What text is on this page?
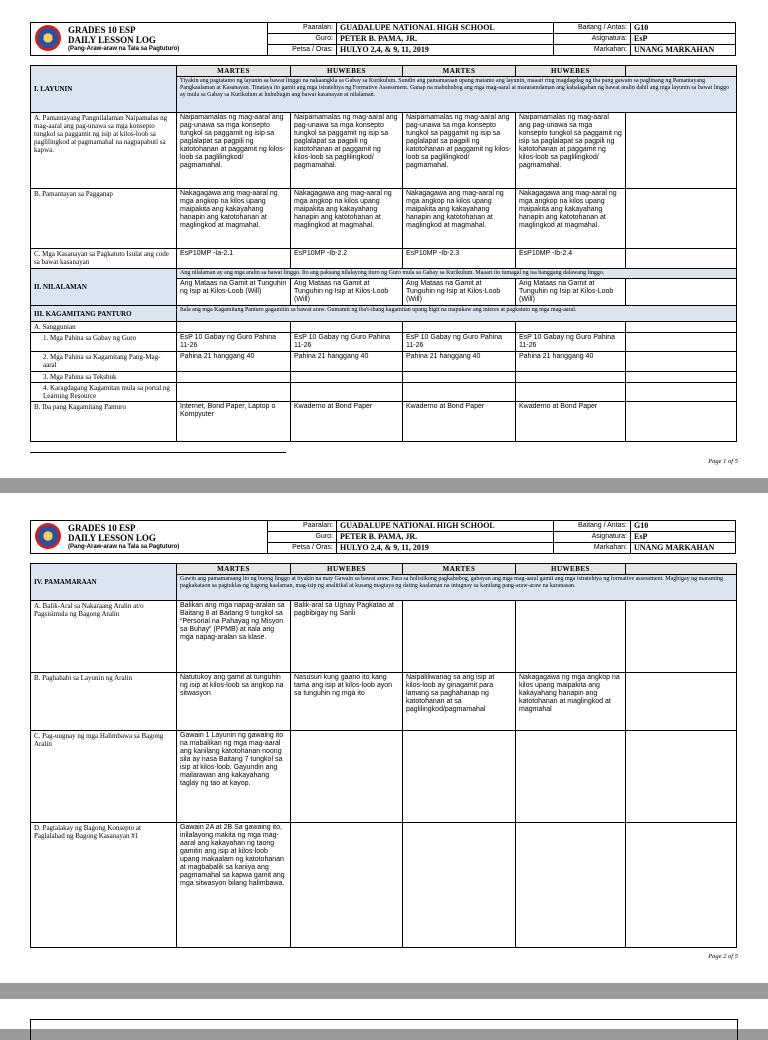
GRADES 10 ESP
DAILY LESSON LOG
(Pang-Araw-araw na Tala sa Pagtuturo)	Paaralan:	GUADALUPE NATIONAL HIGH SCHOOL	Baitang / Antas:	G10
	Guro:	PETER B. PAMA, JR.	Asignatura:	EsP
	Petsa / Oras:	HULYO 2,4, & 9, 11, 2019	Markahan:	UNANG MARKAHAN
I. LAYUNIN	MARTES	HUWEBES	MARTES	HUWEBES	
	Tiyakin ang pagtatamo ng layunin sa bawat linggo na nakaangkla sa Gabay sa Kurikulum. Sundin ang pamamaraan upang matamo ang layunin, maaari ring magdagdag ng iba pang gawain sa paglinang ng Pamantayang Pangkaalaman at Kasanayan. Tinataya ito gamit ang mga istratehiya ng Formative Assessment. Ganap na mahuhubog ang mga mag-aaral at mararamdaman ang kahalagahan ng bawat aralin dahil ang mga layunin sa bawat linggo ay mula sa Gabay sa Kurikulum at huhubugin ang bawat kasanayan at nilalaman.				
A. Pamantayang Pangnilalaman Naipamalas ng mag-aaral ang pag-unawa sa mga konsepto tungkol sa paggamit ng isip at kilos-loob sa paglilingkod at pagmamahal na nagpapabuti sa kapwa.	Naipamamalas ng mag-aaral ang pag-unawa sa mga konsepto tungkol sa paggamit ng isip sa paglalapat sa pagpili ng katotohanan at paggamit ng kilos-loob sa paglilingkod/ pagmamahal.	Naipamamalas ng mag-aaral ang pag-unawa sa mga konsepto tungkol sa paggamit ng isip sa paglalapat sa pagpili ng katotohanan at paggamit ng kilos-loob sa paglilingkod/ pagmamahal.	Naipamamalas ng mag-aaral ang pag-unawa sa mga konsepto tungkol sa paggamit ng isip sa paglalapat sa pagpili ng katotohanan at paggamit ng kilos-loob sa paglilingkod/ pagmamahal.	Naipamamalas ng mag-aaral ang pag-unawa sa mga konsepto tungkol sa paggamit ng isip sa paglalapat sa pagpili ng katotohanan at paggamit ng kilos-loob sa paglilingkod/ pagmamahal.	
B. Pamantayan sa Pagganap	Nakagagawa ang mag-aaral ng mga angkop na kilos upang maipakita ang kakayahang hanapin ang katotohanan at maglingkod at magmahal.	Nakagagawa ang mag-aaral ng mga angkop na kilos upang maipakita ang kakayahang hanapin ang katotohanan at maglingkod at magmahal.	Nakagagawa ang mag-aaral ng mga angkop na kilos upang maipakita ang kakayahang hanapin ang katotohanan at maglingkod at magmahal.	Nakagagawa ang mag-aaral ng mga angkop na kilos upang maipakita ang kakayahang hanapin ang katotohanan at maglingkod at magmahal.	
C. Mga Kasanayan sa Pagkatuto Isulat ang code sa bawat kasanayan	EsP10MP -Ia-2.1	EsP10MP -Ib-2.2	EsP10MP -Ib-2.3	EsP10MP -Ib-2.4	
II. NILALAMAN	Ang nilalaman ay ang mga aralin sa bawat linggo. Ito ang paksang nilalayong ituro ng Guro mula sa Gabay sa Kurikulum. Maaari ito tumagal ng isa hanggang dalawang linggo.				
	Ang Mataas na Gamit at Tunguhin ng Isip at Kilos-Loob (Will)	Ang Mataas na Gamit at Tunguhin ng Isip at Kilos-Loob (Will)	Ang Mataas na Gamit at Tunguhin ng Isip at Kilos-Loob (Will)	Ang Mataas na Gamit at Tunguhin ng Isip at Kilos-Loob (Will)	
III. KAGAMITANG PANTURO	Itala ang mga Kagamitang Panturo gagamitin sa bawat araw. Gumamit ng iba't-ibang kagamitan upang higit na mapukaw ang interes at pagkatuto ng mga mag-aaral.				
A. Sanggunian					
1. Mga Pahina sa Gabay ng Guro	EsP 10 Gabay ng Guro Pahina 11-26	EsP 10 Gabay ng Guro Pahina 11-26	EsP 10 Gabay ng Guro Pahina 11-26	EsP 10 Gabay ng Guro Pahina 11-26	
2. Mga Pahina sa Kagamitang Pang-Mag-aaral	Pahina 21 hanggang 40	Pahina 21 hanggang 40	Pahina 21 hanggang 40	Pahina 21 hanggang 40	
3. Mga Pahina sa Teksbuk					
4. Karagdagang Kagamitan mula sa portal ng Learning Resource					
B. Iba pang Kagamitang Panturo	Internet, Bond Paper, Laptop o Kompyuter	Kwaderno at Bond Paper	Kwaderno at Bond Paper	Kwaderno at Bond Paper	
Page 1 of 5
GRADES 10 ESP
DAILY LESSON LOG
(Pang-Araw-araw na Tala sa Pagtuturo)	Paaralan:	GUADALUPE NATIONAL HIGH SCHOOL	Baitang / Antas:	G10
	Guro:	PETER B. PAMA, JR.	Asignatura:	EsP
	Petsa / Oras:	HULYO 2,4, & 9, 11, 2019	Markahan:	UNANG MARKAHAN
IV. PAMAMARAAN	MARTES	HUWEBES	MARTES	HUWEBES	
	Gawin ang pamamaraang ito ng buong linggo at tiyakin na may Gawain sa bawat araw. Para sa holistikong pagkahubog, gabayan ang mga mag-aaral gamit ang mga istratehiya ng formative assessment. Magbigay ng maraming pagkakataon sa pagtuklas ng bagong kaalaman, mag-isip ng analitikal at kusang magtaya ng dating kaalaman na iniugnay sa kanilang pang-araw-araw na karanasan.				
A. Balik-Aral sa Nakaraang Aralin at/o Pagsisimula ng Bagong Aralin	Balikan ang mga napag-aralan sa Baitang 8 at Baitang 9 tungkol sa “Personal na Pahayag ng Misyon sa Buhay” (PPMB) at itala ang mga napag-aralan sa klase.	Balik-aral sa Ugnay Pagkatao at pagbibigay ng Sarili			
B. Paghahabi sa Layunin ng Aralin	Natutukoy ang gamit at tunguhin ng isip at kilos-loob sa angkop na sitwasyon	Nasusuri kung gaano ito kang tama ang isip at kilos-loob ayon sa tunguhin ng mga ito	Naipaliliwanag sa ang isip at kilos-loob ay ginagamit para lamang sa paghahanap ng katotohanan at sa paglilingkod/pagmamahal	Nakagagawa ng mga angkop na kilos upang maipakita ang kakayahang hanapin ang katotohanan at maglingkod at magmahal	
C. Pag-uugnay ng mga Halimbawa sa Bagong Aralin	Gawain 1 Layunin ng gawaing ito na mabalikan ng mga mag-aaral ang kanilang katotohanan noong sila ay nasa Baitang 7 tungkol sa isip at kilos-loob. Gayundin ang mailarawan ang kakayahang taglay ng tao at kayop.				
D. Pagtalakay ng Bagong Konsepto at Paglalahad ng Bagong Kasanayan #1	Gawain 2A at 2B Sa gawaing ito, inilalayong makita ng mga mag-aaral ang kakayahan ng taong gamitin ang isip at kilos-loob upang makaalam ng katotohanan at magbabalik sa kaniya ang pagmamahal sa kapwa gamit ang mga sitwasyon bilang halimbawa.				
Page 2 of 5
